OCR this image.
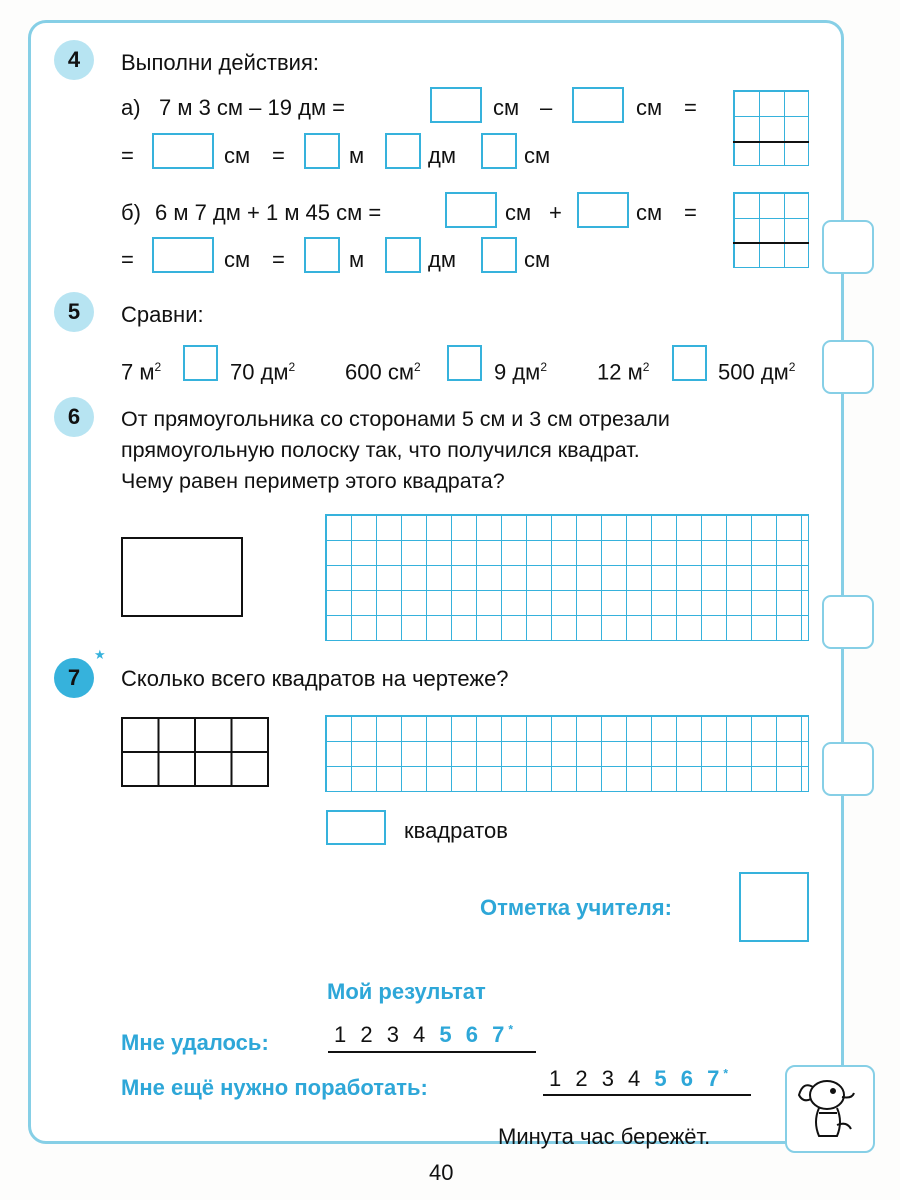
4	Выполни действия:
а) 7 м 3 см – 19 дм =	см –	см =
=	см =	м	дм	см
б) 6 м 7 дм + 1 м 45 см =	см +	см =
=	см =	м	дм	см
5	Сравни:
7 $м^2$	70 $дм^2$ 600 $см^2$	9 $дм^2$ 12 $м^2$	500 $дм^2$
6	От прямоугольника со сторонами 5 см и 3 см отрезали
прямоугольную полоску так, что получился квадрат.
Чему равен периметр этого квадрата?
7
★
Сколько всего квадратов на чертеже?
квадратов
Отметка учителя:
Мой результат
Мне удалось:	1 2 3 4 5 6 7*
Мне ещё нужно поработать:	1 2 3 4 5 6 7*
Минута час бережёт.
40
